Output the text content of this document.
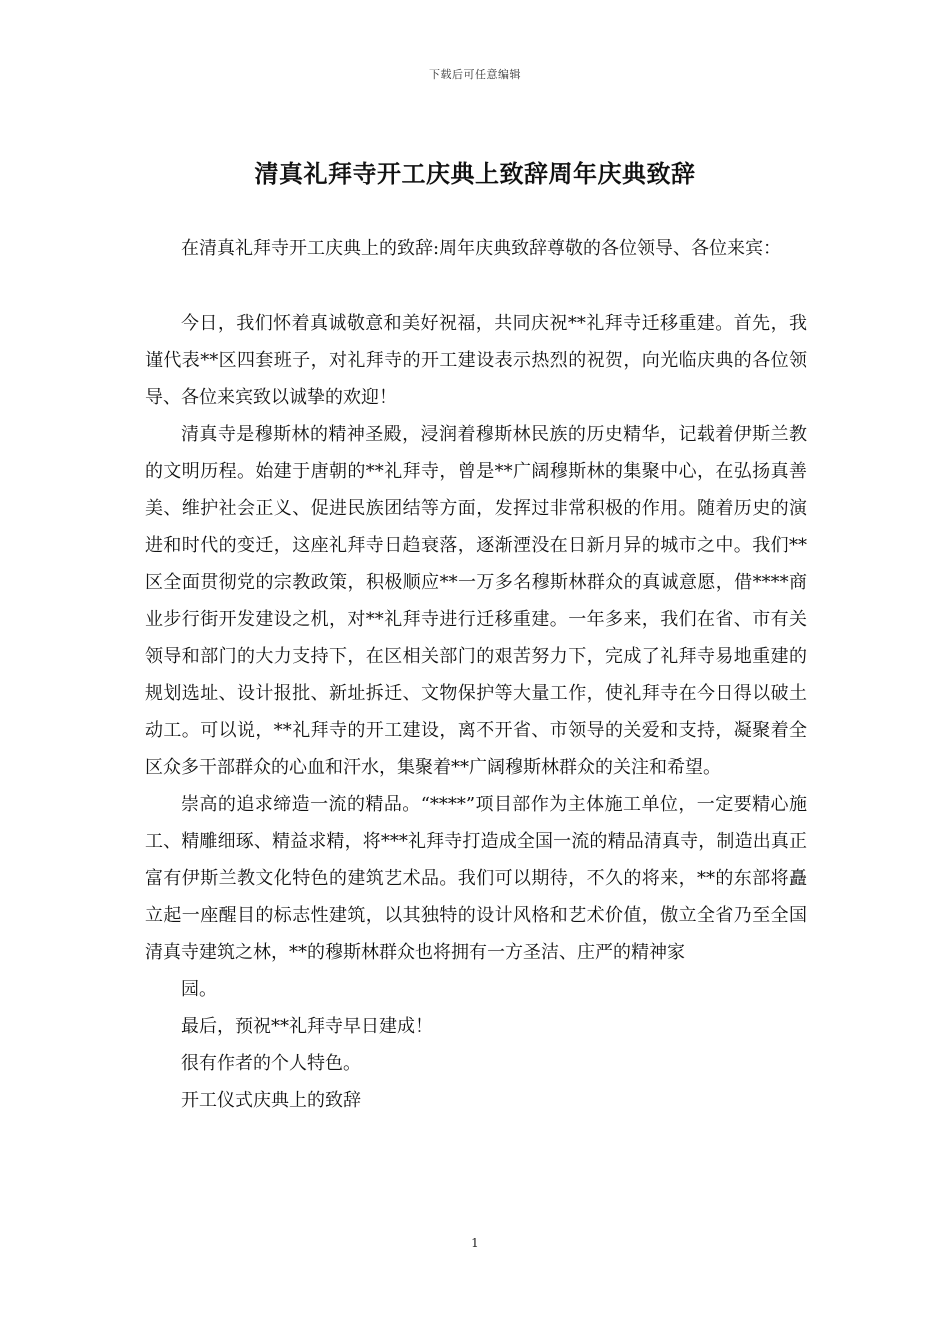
下载后可任意编辑
清真礼拜寺开工庆典上致辞周年庆典致辞

在清真礼拜寺开工庆典上的致辞:周年庆典致辞尊敬的各位领导、各位来宾：

今日，我们怀着真诚敬意和美好祝福，共同庆祝**礼拜寺迁移重建。首先，我谨代表**区四套班子，对礼拜寺的开工建设表示热烈的祝贺，向光临庆典的各位领导、各位来宾致以诚挚的欢迎！

清真寺是穆斯林的精神圣殿，浸润着穆斯林民族的历史精华，记载着伊斯兰教的文明历程。始建于唐朝的**礼拜寺，曾是**广阔穆斯林的集聚中心，在弘扬真善美、维护社会正义、促进民族团结等方面，发挥过非常积极的作用。随着历史的演进和时代的变迁，这座礼拜寺日趋衰落，逐渐湮没在日新月异的城市之中。我们**区全面贯彻党的宗教政策，积极顺应**一万多名穆斯林群众的真诚意愿，借****商业步行街开发建设之机，对**礼拜寺进行迁移重建。一年多来，我们在省、市有关领导和部门的大力支持下，在区相关部门的艰苦努力下，完成了礼拜寺易地重建的规划选址、设计报批、新址拆迁、文物保护等大量工作，使礼拜寺在今日得以破土动工。可以说，**礼拜寺的开工建设，离不开省、市领导的关爱和支持，凝聚着全区众多干部群众的心血和汗水，集聚着**广阔穆斯林群众的关注和希望。

崇高的追求缔造一流的精品。“****”项目部作为主体施工单位，一定要精心施工、精雕细琢、精益求精，将***礼拜寺打造成全国一流的精品清真寺，制造出真正富有伊斯兰教文化特色的建筑艺术品。我们可以期待，不久的将来，**的东部将矗立起一座醒目的标志性建筑，以其独特的设计风格和艺术价值，傲立全省乃至全国清真寺建筑之林，**的穆斯林群众也将拥有一方圣洁、庄严的精神家

园。

最后，预祝**礼拜寺早日建成！

很有作者的个人特色。

开工仪式庆典上的致辞

1
